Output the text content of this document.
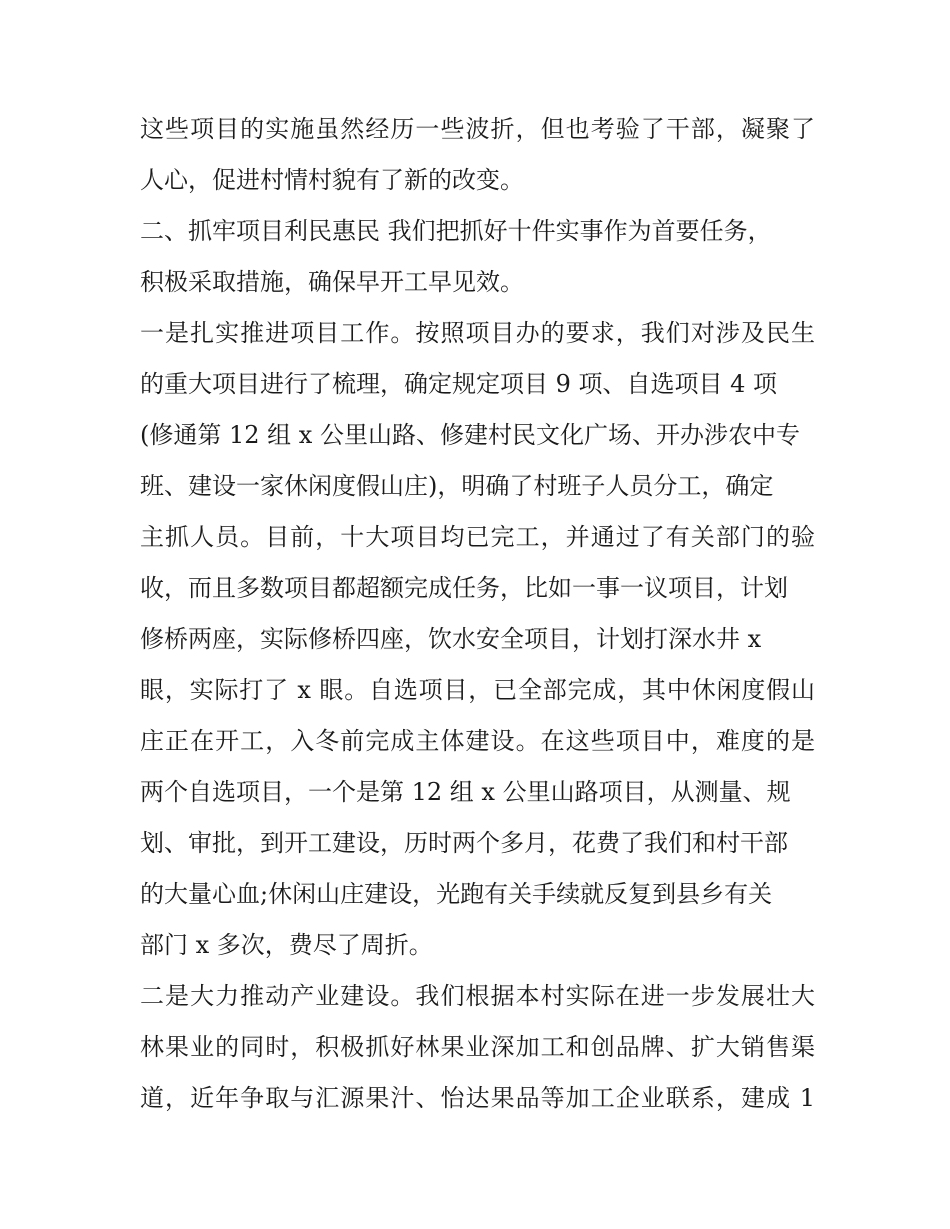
这些项目的实施虽然经历一些波折，但也考验了干部，凝聚了
人心，促进村情村貌有了新的改变。
二、抓牢项目利民惠民 我们把抓好十件实事作为首要任务，
积极采取措施，确保早开工早见效。
一是扎实推进项目工作。按照项目办的要求，我们对涉及民生
的重大项目进行了梳理，确定规定项目 9 项、自选项目 4 项
(修通第 12 组 x 公里山路、修建村民文化广场、开办涉农中专
班、建设一家休闲度假山庄)，明确了村班子人员分工，确定
主抓人员。目前，十大项目均已完工，并通过了有关部门的验
收，而且多数项目都超额完成任务，比如一事一议项目，计划
修桥两座，实际修桥四座，饮水安全项目，计划打深水井 x
眼，实际打了 x 眼。自选项目，已全部完成，其中休闲度假山
庄正在开工，入冬前完成主体建设。在这些项目中，难度的是
两个自选项目，一个是第 12 组 x 公里山路项目，从测量、规
划、审批，到开工建设，历时两个多月，花费了我们和村干部
的大量心血;休闲山庄建设，光跑有关手续就反复到县乡有关
部门 x 多次，费尽了周折。
二是大力推动产业建设。我们根据本村实际在进一步发展壮大
林果业的同时，积极抓好林果业深加工和创品牌、扩大销售渠
道，近年争取与汇源果汁、怡达果品等加工企业联系，建成 1
